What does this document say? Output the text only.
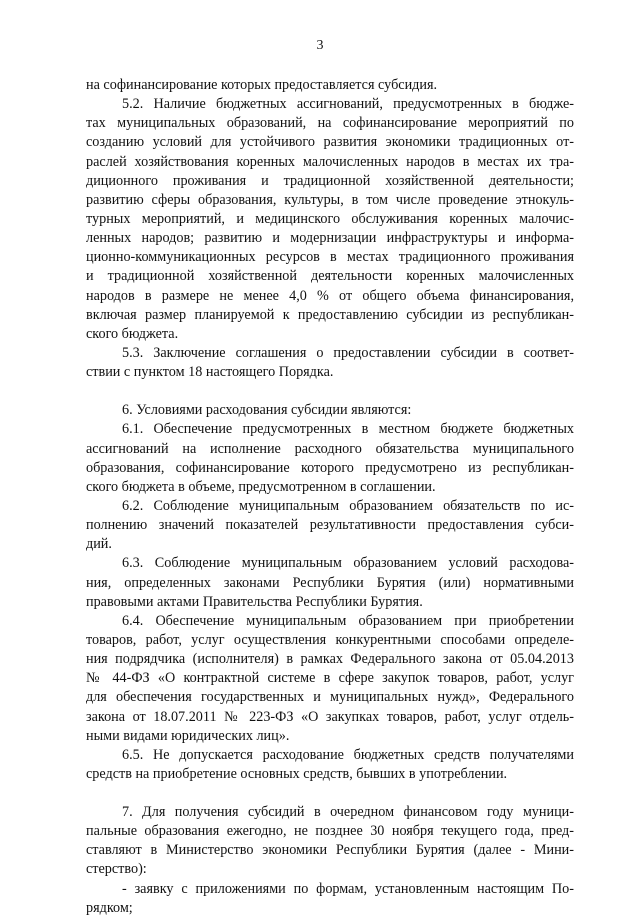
3
на софинансирование которых предоставляется субсидия.
5.2. Наличие бюджетных ассигнований, предусмотренных в бюдже-
тах муниципальных образований, на софинансирование мероприятий по
созданию условий для устойчивого развития экономики традиционных от-
раслей хозяйствования коренных малочисленных народов в местах их тра-
диционного проживания и традиционной хозяйственной деятельности;
развитию сферы образования, культуры, в том числе проведение этнокуль-
турных мероприятий, и медицинского обслуживания коренных малочис-
ленных народов; развитию и модернизации инфраструктуры и информа-
ционно-коммуникационных ресурсов в местах традиционного проживания
и традиционной хозяйственной деятельности коренных малочисленных
народов в размере не менее 4,0 % от общего объема финансирования,
включая размер планируемой к предоставлению субсидии из республикан-
ского бюджета.
5.3. Заключение соглашения о предоставлении субсидии в соответ-
ствии с пунктом 18 настоящего Порядка.
6. Условиями расходования субсидии являются:
6.1. Обеспечение предусмотренных в местном бюджете бюджетных
ассигнований на исполнение расходного обязательства муниципального
образования, софинансирование которого предусмотрено из республикан-
ского бюджета в объеме, предусмотренном в соглашении.
6.2. Соблюдение муниципальным образованием обязательств по ис-
полнению значений показателей результативности предоставления субси-
дий.
6.3. Соблюдение муниципальным образованием условий расходова-
ния, определенных законами Республики Бурятия (или) нормативными
правовыми актами Правительства Республики Бурятия.
6.4. Обеспечение муниципальным образованием при приобретении
товаров, работ, услуг осуществления конкурентными способами определе-
ния подрядчика (исполнителя) в рамках Федерального закона от 05.04.2013
№ 44-ФЗ «О контрактной системе в сфере закупок товаров, работ, услуг
для обеспечения государственных и муниципальных нужд», Федерального
закона от 18.07.2011 № 223-ФЗ «О закупках товаров, работ, услуг отдель-
ными видами юридических лиц».
6.5. Не допускается расходование бюджетных средств получателями
средств на приобретение основных средств, бывших в употреблении.
7. Для получения субсидий в очередном финансовом году муници-
пальные образования ежегодно, не позднее 30 ноября текущего года, пред-
ставляют в Министерство экономики Республики Бурятия (далее - Мини-
стерство):
- заявку с приложениями по формам, установленным настоящим По-
рядком;
